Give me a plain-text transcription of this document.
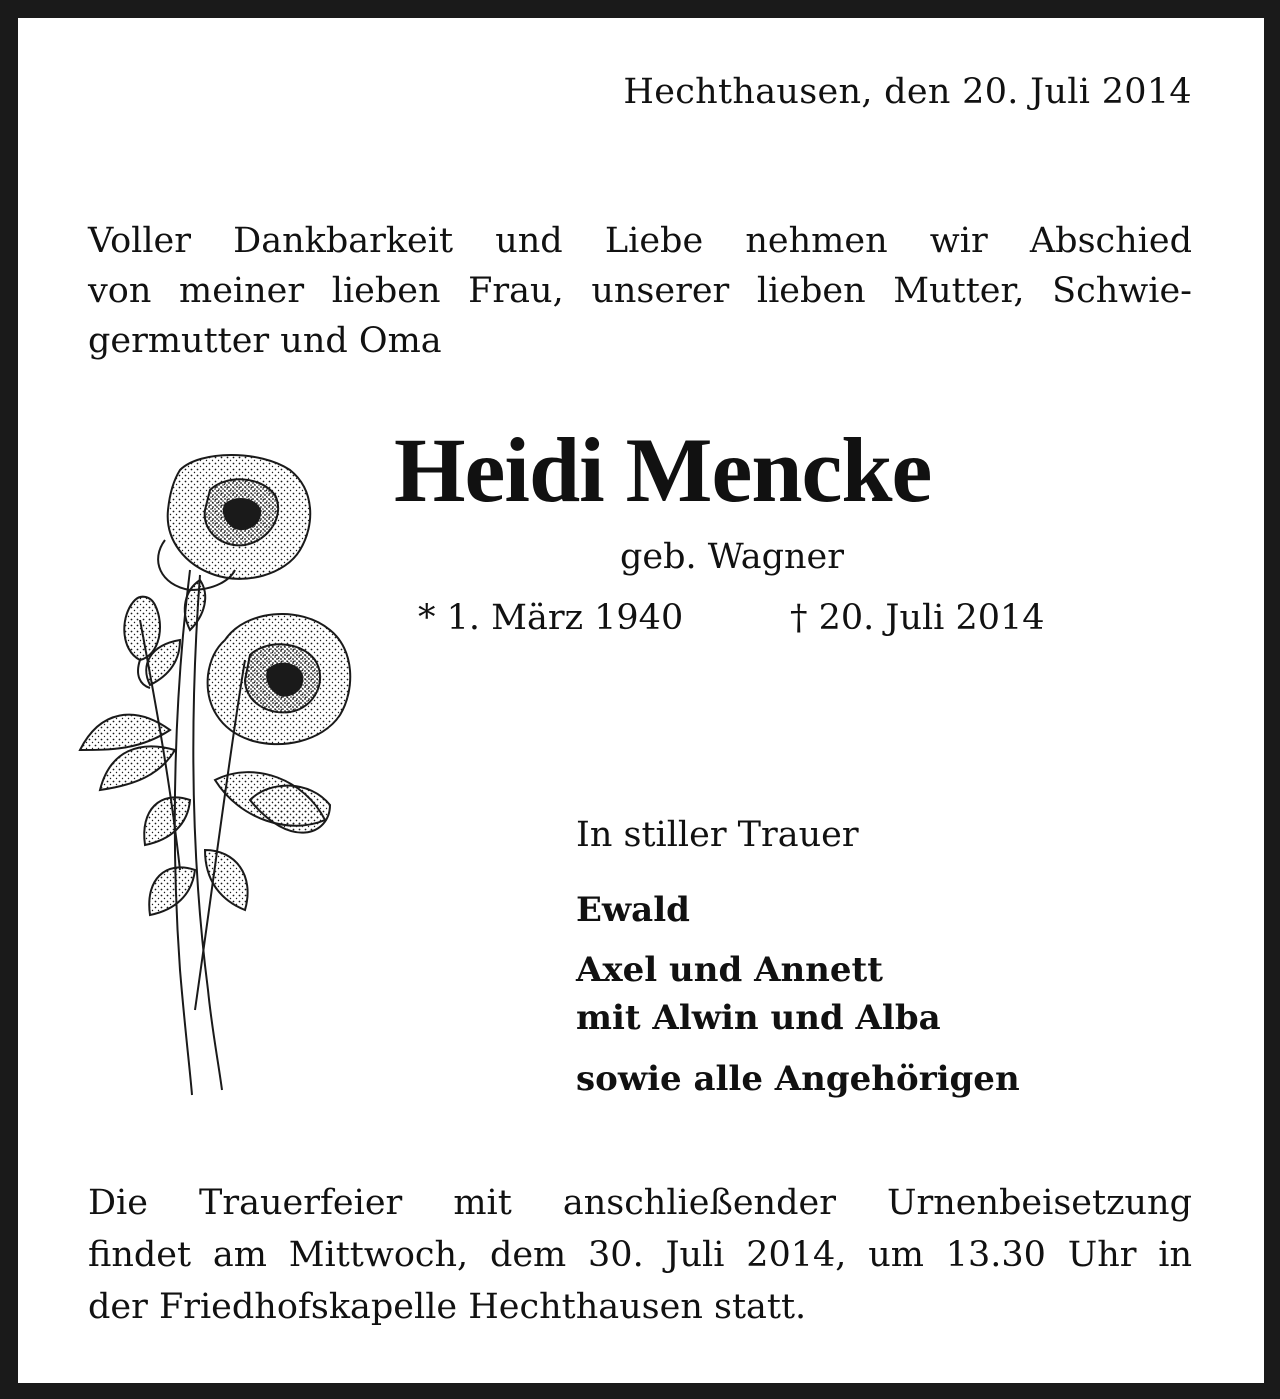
Hechthausen, den 20. Juli 2014
Voller Dankbarkeit und Liebe nehmen wir Abschied
von meiner lieben Frau, unserer lieben Mutter, Schwie-
germutter und Oma
Heidi Mencke
geb. Wagner
* 1. März 1940	† 20. Juli 2014
In stiller Trauer
Ewald
Axel und Annett
mit Alwin und Alba
sowie alle Angehörigen
Die Trauerfeier mit anschließender Urnenbeisetzung
findet am Mittwoch, dem 30. Juli 2014, um 13.30 Uhr in
der Friedhofskapelle Hechthausen statt.
